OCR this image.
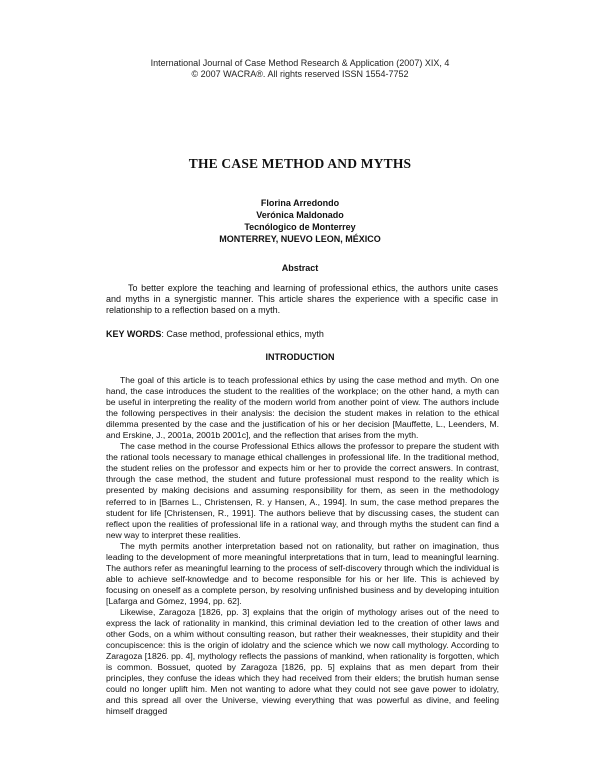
International Journal of Case Method Research & Application (2007) XIX, 4
© 2007 WACRA®. All rights reserved ISSN 1554-7752
THE CASE METHOD AND MYTHS
Florina Arredondo
Verónica Maldonado
Tecnólogico de Monterrey
MONTERREY, NUEVO LEON, MÉXICO
Abstract

To better explore the teaching and learning of professional ethics, the authors unite cases and myths in a synergistic manner. This article shares the experience with a specific case in relationship to a reflection based on a myth.

KEY WORDS: Case method, professional ethics, myth

INTRODUCTION

The goal of this article is to teach professional ethics by using the case method and myth. On one hand, the case introduces the student to the realities of the workplace; on the other hand, a myth can be useful in interpreting the reality of the modern world from another point of view. The authors include the following perspectives in their analysis: the decision the student makes in relation to the ethical dilemma presented by the case and the justification of his or her decision [Mauffette, L., Leenders, M. and Erskine, J., 2001a, 2001b 2001c], and the reflection that arises from the myth.

The case method in the course Professional Ethics allows the professor to prepare the student with the rational tools necessary to manage ethical challenges in professional life. In the traditional method, the student relies on the professor and expects him or her to provide the correct answers. In contrast, through the case method, the student and future professional must respond to the reality which is presented by making decisions and assuming responsibility for them, as seen in the methodology referred to in [Barnes L., Christensen, R. y Hansen, A., 1994]. In sum, the case method prepares the student for life [Christensen, R., 1991]. The authors believe that by discussing cases, the student can reflect upon the realities of professional life in a rational way, and through myths the student can find a new way to interpret these realities.

The myth permits another interpretation based not on rationality, but rather on imagination, thus leading to the development of more meaningful interpretations that in turn, lead to meaningful learning. The authors refer as meaningful learning to the process of self-discovery through which the individual is able to achieve self-knowledge and to become responsible for his or her life. This is achieved by focusing on oneself as a complete person, by resolving unfinished business and by developing intuition [Lafarga and Gómez, 1994, pp. 62].

Likewise, Zaragoza [1826, pp. 3] explains that the origin of mythology arises out of the need to express the lack of rationality in mankind, this criminal deviation led to the creation of other laws and other Gods, on a whim without consulting reason, but rather their weaknesses, their stupidity and their concupiscence: this is the origin of idolatry and the science which we now call mythology. According to Zaragoza [1826. pp. 4], mythology reflects the passions of mankind, when rationality is forgotten, which is common. Bossuet, quoted by Zaragoza [1826, pp. 5] explains that as men depart from their principles, they confuse the ideas which they had received from their elders; the brutish human sense could no longer uplift him. Men not wanting to adore what they could not see gave power to idolatry, and this spread all over the Universe, viewing everything that was powerful as divine, and feeling himself dragged
